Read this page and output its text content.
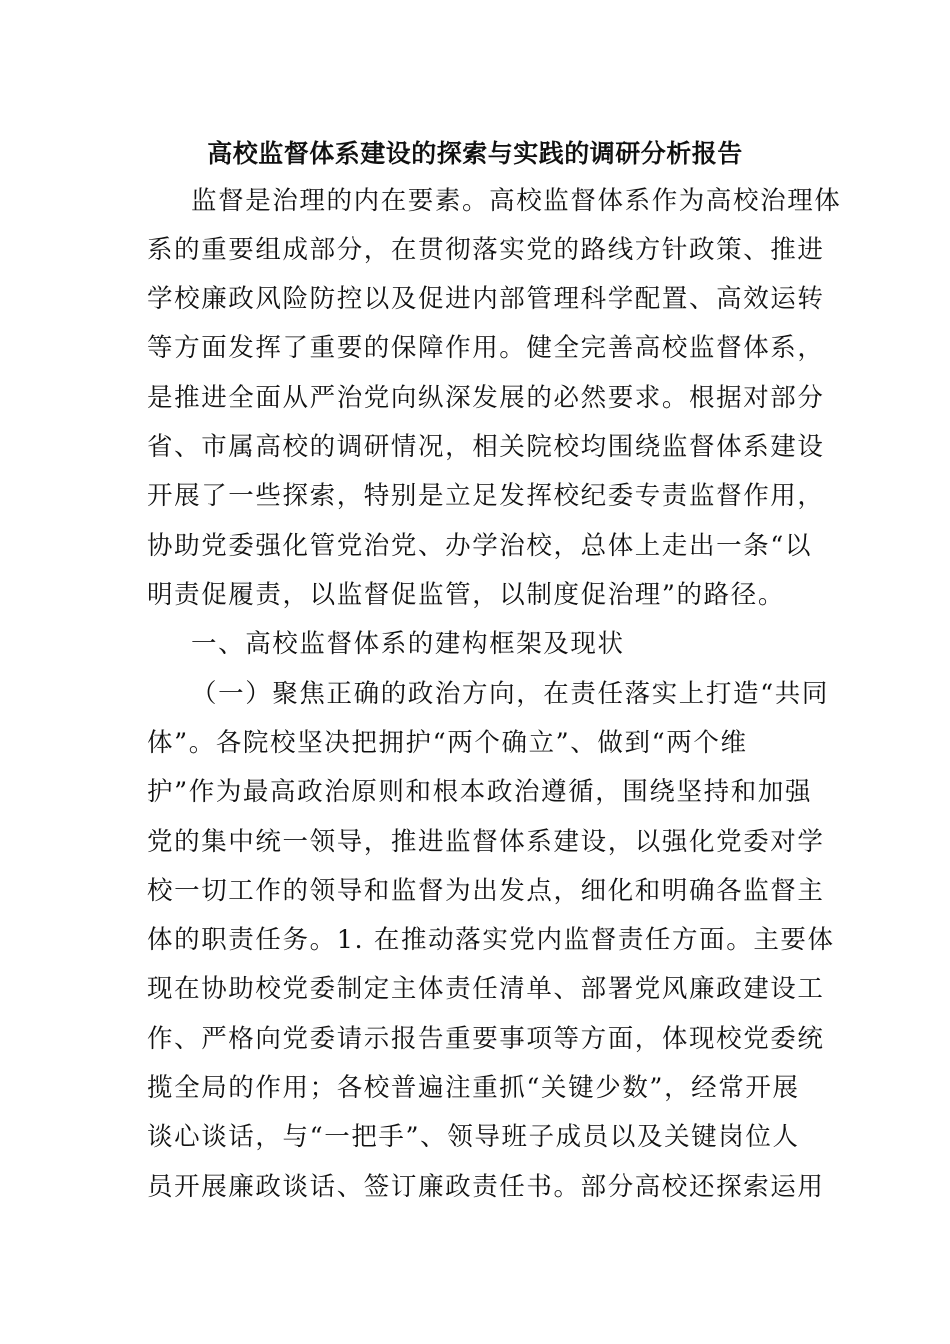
高校监督体系建设的探索与实践的调研分析报告
监督是治理的内在要素。高校监督体系作为高校治理体
系的重要组成部分，在贯彻落实党的路线方针政策、推进
学校廉政风险防控以及促进内部管理科学配置、高效运转
等方面发挥了重要的保障作用。健全完善高校监督体系，
是推进全面从严治党向纵深发展的必然要求。根据对部分
省、市属高校的调研情况，相关院校均围绕监督体系建设
开展了一些探索，特别是立足发挥校纪委专责监督作用，
协助党委强化管党治党、办学治校，总体上走出一条“以
明责促履责，以监督促监管，以制度促治理”的路径。
一、高校监督体系的建构框架及现状
（一）聚焦正确的政治方向，在责任落实上打造“共同
体”。各院校坚决把拥护“两个确立”、做到“两个维
护”作为最高政治原则和根本政治遵循，围绕坚持和加强
党的集中统一领导，推进监督体系建设，以强化党委对学
校一切工作的领导和监督为出发点，细化和明确各监督主
体的职责任务。1. 在推动落实党内监督责任方面。主要体
现在协助校党委制定主体责任清单、部署党风廉政建设工
作、严格向党委请示报告重要事项等方面，体现校党委统
揽全局的作用；各校普遍注重抓“关键少数”，经常开展
谈心谈话，与“一把手”、领导班子成员以及关键岗位人
员开展廉政谈话、签订廉政责任书。部分高校还探索运用
